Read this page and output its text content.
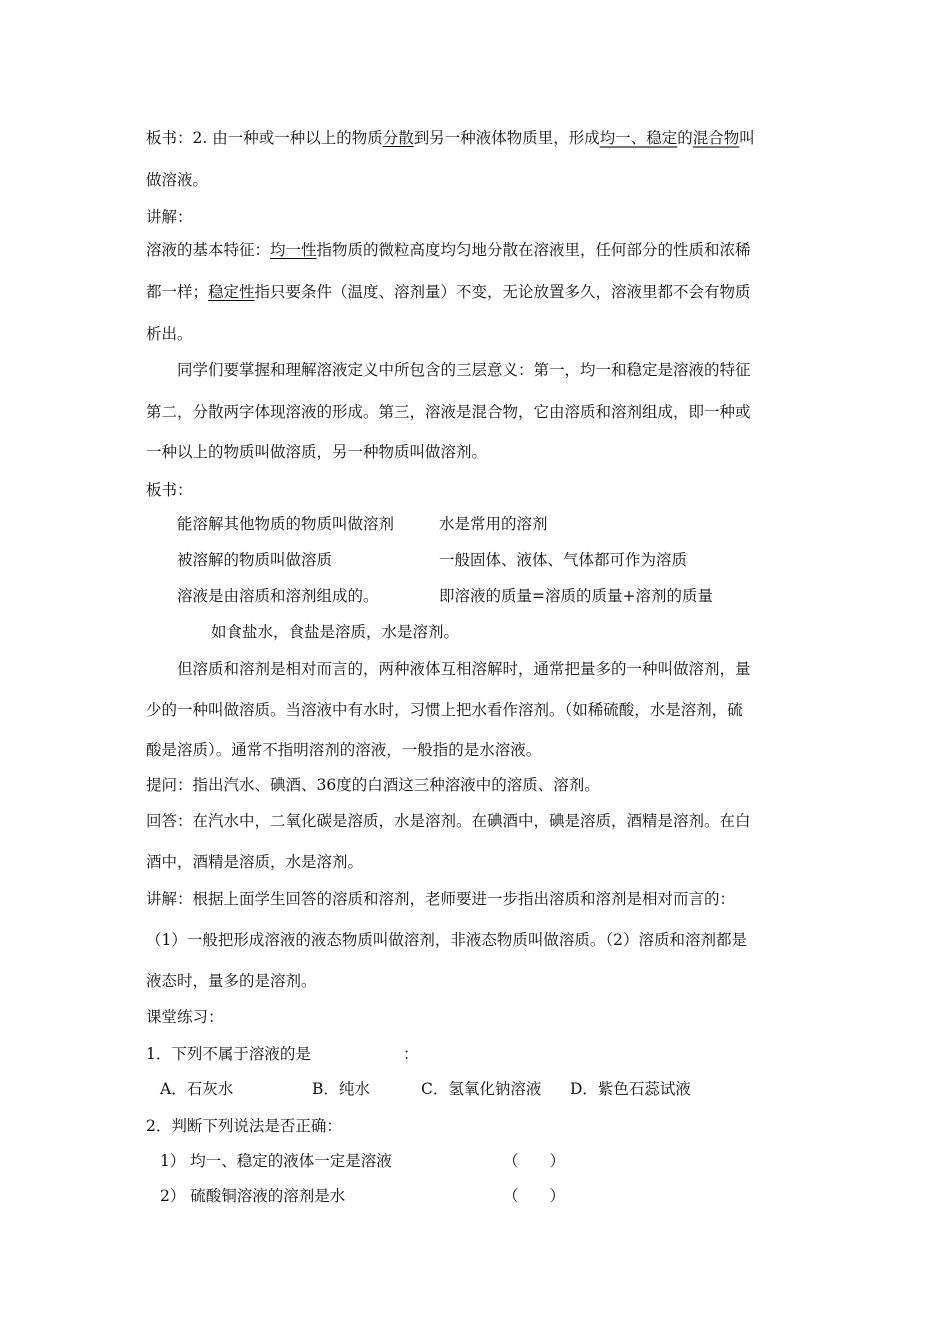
板书：2. 由一种或一种以上的物质分散到另一种液体物质里，形成均一、稳定的混合物叫
做溶液。
讲解：
溶液的基本特征：均一性指物质的微粒高度均匀地分散在溶液里，任何部分的性质和浓稀
都一样；稳定性指只要条件（温度、溶剂量）不变，无论放置多久，溶液里都不会有物质
析出。
同学们要掌握和理解溶液定义中所包含的三层意义：第一，均一和稳定是溶液的特征
第二，分散两字体现溶液的形成。第三，溶液是混合物，它由溶质和溶剂组成，即一种或
一种以上的物质叫做溶质，另一种物质叫做溶剂。
板书：
能溶解其他物质的物质叫做溶剂	水是常用的溶剂
被溶解的物质叫做溶质	一般固体、液体、气体都可作为溶质
溶液是由溶质和溶剂组成的。	即溶液的质量=溶质的质量+溶剂的质量
如食盐水，食盐是溶质，水是溶剂。
但溶质和溶剂是相对而言的，两种液体互相溶解时，通常把量多的一种叫做溶剂，量
少的一种叫做溶质。当溶液中有水时，习惯上把水看作溶剂。（如稀硫酸，水是溶剂，硫
酸是溶质）。通常不指明溶剂的溶液，一般指的是水溶液。
提问：指出汽水、碘酒、36度的白酒这三种溶液中的溶质、溶剂。
回答：在汽水中，二氧化碳是溶质，水是溶剂。在碘酒中，碘是溶质，酒精是溶剂。在白
酒中，酒精是溶质，水是溶剂。
讲解：根据上面学生回答的溶质和溶剂，老师要进一步指出溶质和溶剂是相对而言的：
（1）一般把形成溶液的液态物质叫做溶剂，非液态物质叫做溶质。（2）溶质和溶剂都是
液态时，量多的是溶剂。
课堂练习：
1．下列不属于溶液的是	：
A．石灰水	B．纯水	C．氢氧化钠溶液 D．紫色石蕊试液
2．判断下列说法是否正确：
1） 均一、稳定的液体一定是溶液	（　　）
2） 硫酸铜溶液的溶剂是水	（　　）
